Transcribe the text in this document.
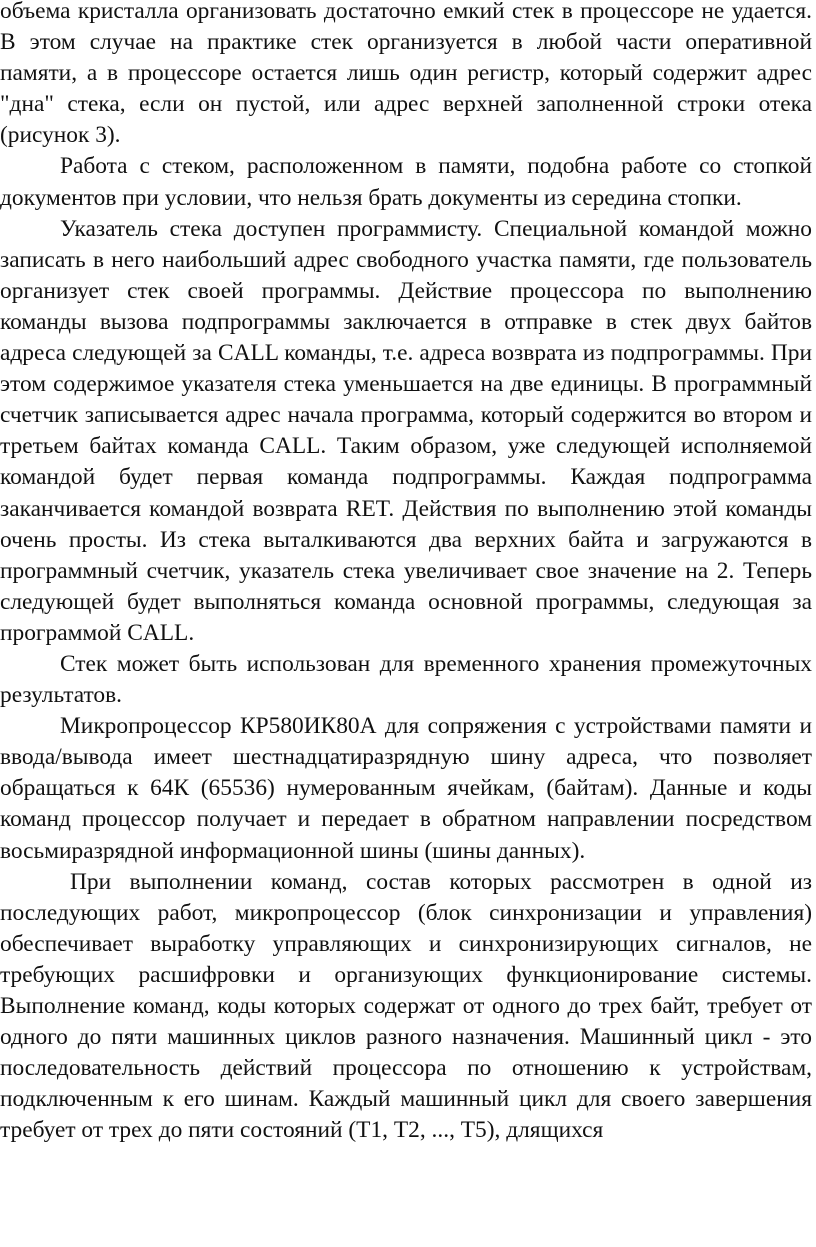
объема кристалла организовать достаточно емкий стек в процессоре не удается. В этом случае на практике стек организуется в любой части оперативной памяти, а в процессоре остается лишь один регистр, который содержит адрес "дна" стека, если он пустой, или адрес верхней заполненной строки отека (рисунок 3).

Работа с стеком, расположенном в памяти, подобна работе со стопкой документов при условии, что нельзя брать документы из середина стопки.

Указатель стека доступен программисту. Специальной командой можно записать в него наибольший адрес свободного участка памяти, где пользователь организует стек своей программы. Действие процессора по выполнению команды вызова подпрограммы заключается в отправке в стек двух байтов адреса следующей за CALL команды, т.е. адреса возврата из подпрограммы. При этом содержимое указателя стека уменьшается на две единицы. В программный счетчик записывается адрес начала программа, который содержится во втором и третьем байтах команда CALL. Таким образом, уже следующей исполняемой командой будет первая команда подпрограммы. Каждая подпрограмма заканчивается командой возврата RET. Действия по выполнению этой команды очень просты. Из стека выталкиваются два верхних байта и загружаются в программный счетчик, указатель стека увеличивает свое значение на 2. Теперь следующей будет выполняться команда основной программы, следующая за программой CALL.

Стек может быть использован для временного хранения промежуточных результатов.

Микропроцессор КР580ИК80А для сопряжения с устройствами памяти и ввода/вывода имеет шестнадцатиразрядную шину адреса, что позволяет обращаться к 64К (65536) нумерованным ячейкам, (байтам). Данные и коды команд процессор получает и передает в обратном направлении посредством восьмиразрядной информационной шины (шины данных).

При выполнении команд, состав которых рассмотрен в одной из последующих работ, микропроцессор (блок синхронизации и управления) обеспечивает выработку управляющих и синхронизирующих сигналов, не требующих расшифровки и организующих функционирование системы. Выполнение команд, коды которых содержат от одного до трех байт, требует от одного до пяти машинных циклов разного назначения. Машинный цикл - это последовательность действий процессора по отношению к устройствам, подключенным к его шинам. Каждый машинный цикл для своего завершения требует от трех до пяти состояний (Т1, Т2, ..., Т5), длящихся
